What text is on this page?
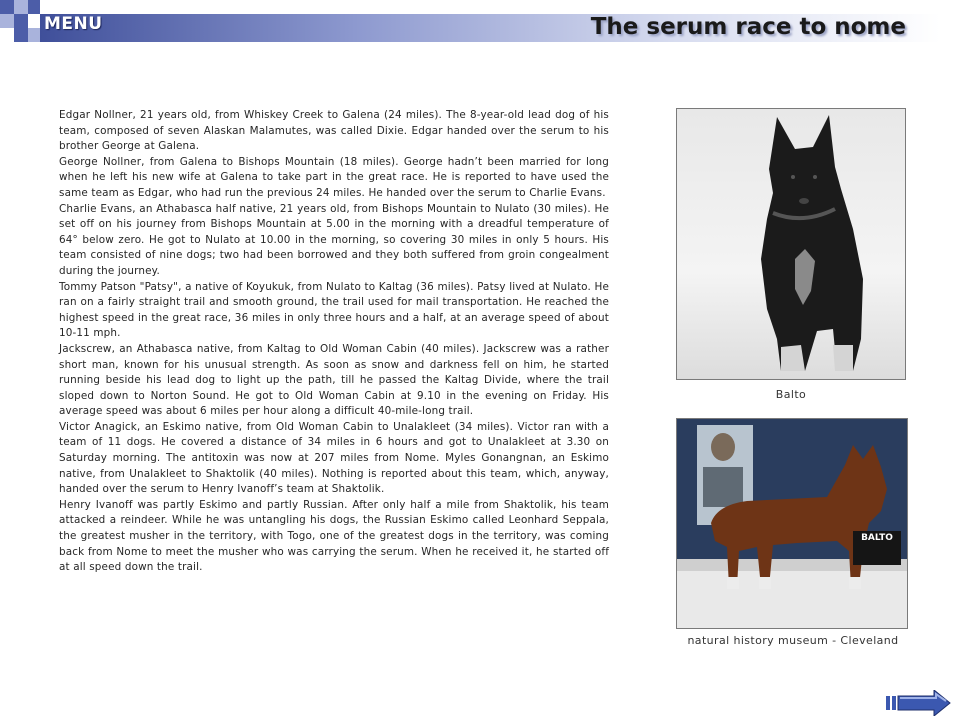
MENU	The serum race to nome

Edgar Nollner, 21 years old, from Whiskey Creek to Galena (24 miles). The 8-year-old lead dog of his team, composed of seven Alaskan Malamutes, was called Dixie. Edgar handed over the serum to his brother George at Galena.

George Nollner, from Galena to Bishops Mountain (18 miles). George hadn’t been married for long when he left his new wife at Galena to take part in the great race. He is reported to have used the same team as Edgar, who had run the previous 24 miles. He handed over the serum to Charlie Evans.

Charlie Evans, an Athabasca half native, 21 years old, from Bishops Mountain to Nulato (30 miles). He set off on his journey from Bishops Mountain at 5.00 in the morning with a dreadful temperature of 64° below zero. He got to Nulato at 10.00 in the morning, so covering 30 miles in only 5 hours. His team consisted of nine dogs; two had been borrowed and they both suffered from groin congealment during the journey.

Tommy Patson "Patsy", a native of Koyukuk, from Nulato to Kaltag (36 miles). Patsy lived at Nulato. He ran on a fairly straight trail and smooth ground, the trail used for mail transportation. He reached the highest speed in the great race, 36 miles in only three hours and a half, at an average speed of about 10-11 mph.

Jackscrew, an Athabasca native, from Kaltag to Old Woman Cabin (40 miles). Jackscrew was a rather short man, known for his unusual strength. As soon as snow and darkness fell on him, he started running beside his lead dog to light up the path, till he passed the Kaltag Divide, where the trail sloped down to Norton Sound. He got to Old Woman Cabin at 9.10 in the evening on Friday. His average speed was about 6 miles per hour along a difficult 40-mile-long trail.

Victor Anagick, an Eskimo native, from Old Woman Cabin to Unalakleet (34 miles). Victor ran with a team of 11 dogs. He covered a distance of 34 miles in 6 hours and got to Unalakleet at 3.30 on Saturday morning. The antitoxin was now at 207 miles from Nome. Myles Gonangnan, an Eskimo native, from Unalakleet to Shaktolik (40 miles). Nothing is reported about this team, which, anyway, handed over the serum to Henry Ivanoff’s team at Shaktolik.

Henry Ivanoff was partly Eskimo and partly Russian. After only half a mile from Shaktolik, his team attacked a reindeer. While he was untangling his dogs, the Russian Eskimo called Leonhard Seppala, the greatest musher in the territory, with Togo, one of the greatest dogs in the territory, was coming back from Nome to meet the musher who was carrying the serum. When he received it, he started off at all speed down the trail.

Balto
BALTO
natural history museum - Cleveland
